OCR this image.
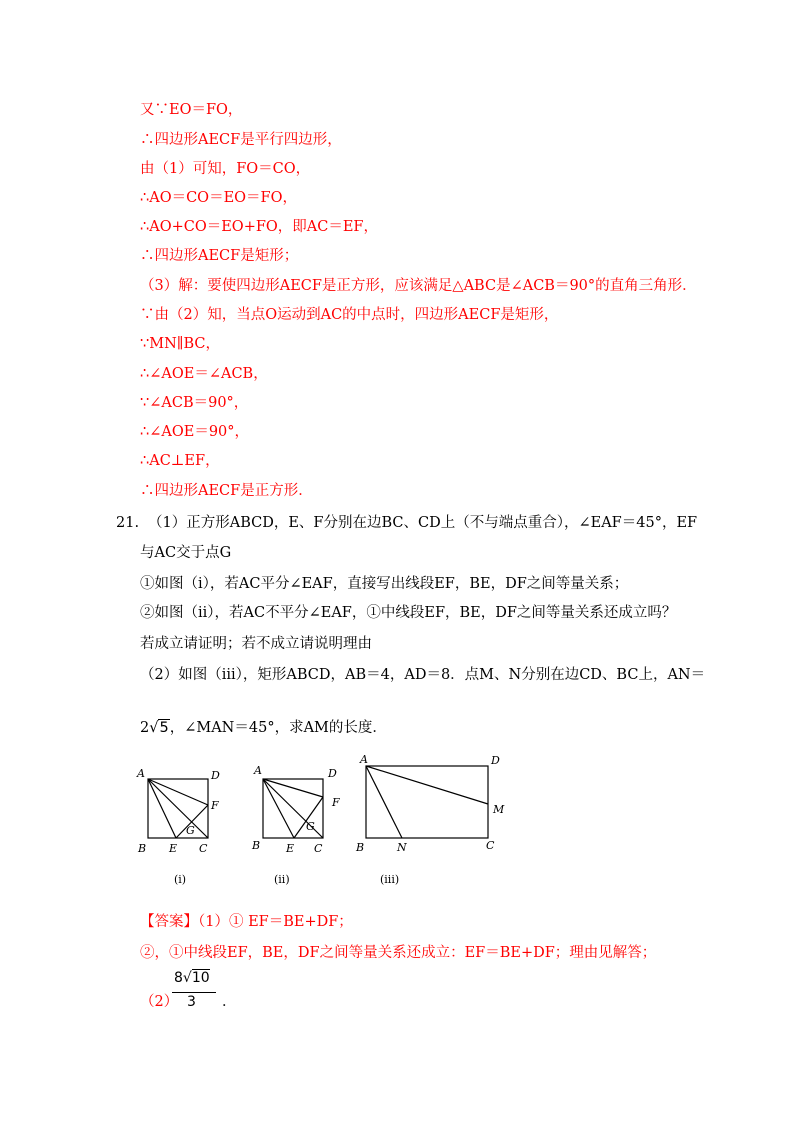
又∵EO＝FO，
∴四边形AECF是平行四边形，
由（1）可知，FO＝CO，
∴AO＝CO＝EO＝FO，
∴AO+CO＝EO+FO，即AC＝EF，
∴四边形AECF是矩形；
（3）解：要使四边形AECF是正方形，应该满足△ABC是∠ACB＝90°的直角三角形．
∵由（2）知，当点O运动到AC的中点时，四边形AECF是矩形，
∵MN∥BC，
∴∠AOE＝∠ACB，
∵∠ACB＝90°，
∴∠AOE＝90°，
∴AC⊥EF，
∴四边形AECF是正方形．
21. （1）正方形ABCD，E、F分别在边BC、CD上（不与端点重合），∠EAF＝45°，EF
与AC交于点G
①如图（i），若AC平分∠EAF，直接写出线段EF，BE，DF之间等量关系；
②如图（ii），若AC不平分∠EAF，①中线段EF，BE，DF之间等量关系还成立吗？
若成立请证明；若不成立请说明理由
（2）如图（iii），矩形ABCD，AB＝4，AD＝8．点M、N分别在边CD、BC上，AN＝
2√5，∠MAN＝45°，求AM的长度．
A	D
F
G
B E C
(i)
A	D
F
G
B E C
(ii)
A	D
M
B	N	C
(iii)
【答案】（1）① EF＝BE+DF；
②，①中线段EF，BE，DF之间等量关系还成立：EF＝BE+DF；理由见解答；
（2）
8√10
3 ．
